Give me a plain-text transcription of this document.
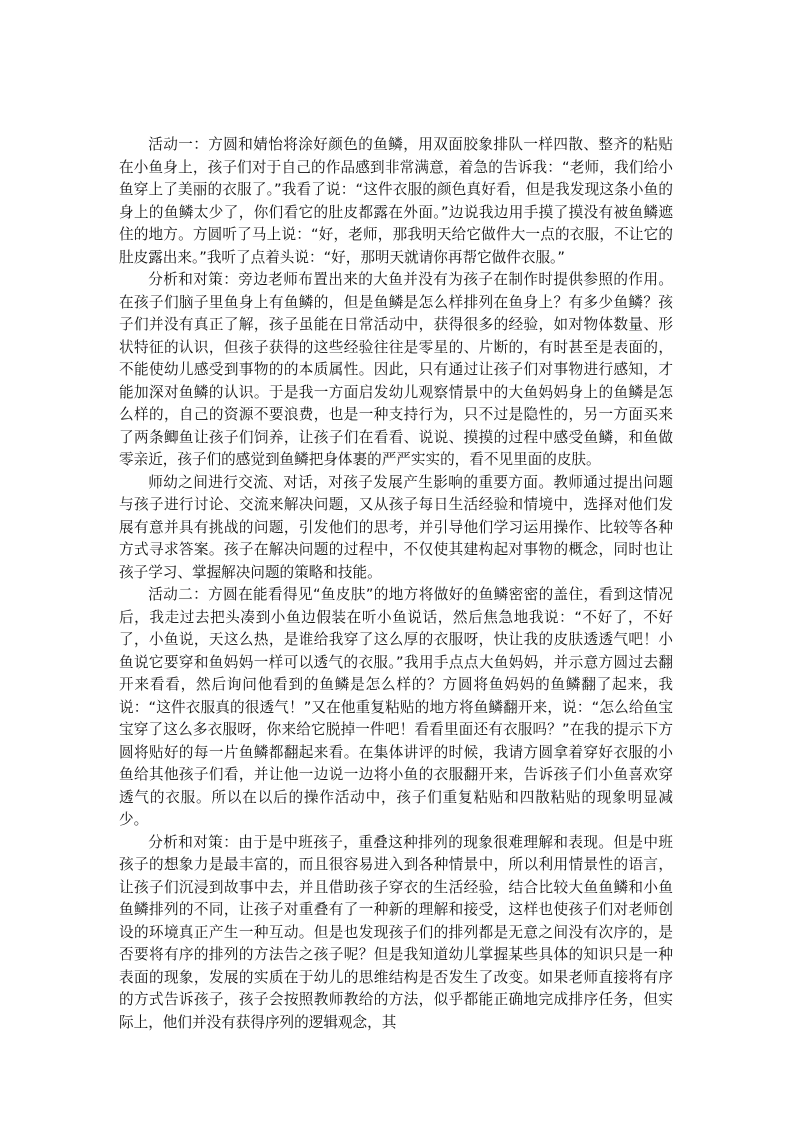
活动一：方圆和婧怡将涂好颜色的鱼鳞，用双面胶象排队一样四散、整齐的粘贴在小鱼身上，孩子们对于自己的作品感到非常满意，着急的告诉我：“老师，我们给小鱼穿上了美丽的衣服了。”我看了说：“这件衣服的颜色真好看，但是我发现这条小鱼的身上的鱼鳞太少了，你们看它的肚皮都露在外面。”边说我边用手摸了摸没有被鱼鳞遮住的地方。方圆听了马上说：“好，老师，那我明天给它做件大一点的衣服，不让它的肚皮露出来。”我听了点着头说：“好，那明天就请你再帮它做件衣服。”

分析和对策：旁边老师布置出来的大鱼并没有为孩子在制作时提供参照的作用。在孩子们脑子里鱼身上有鱼鳞的，但是鱼鳞是怎么样排列在鱼身上？有多少鱼鳞？孩子们并没有真正了解，孩子虽能在日常活动中，获得很多的经验，如对物体数量、形状特征的认识，但孩子获得的这些经验往往是零星的、片断的，有时甚至是表面的，不能使幼儿感受到事物的的本质属性。因此，只有通过让孩子们对事物进行感知，才能加深对鱼鳞的认识。于是我一方面启发幼儿观察情景中的大鱼妈妈身上的鱼鳞是怎么样的，自己的资源不要浪费，也是一种支持行为，只不过是隐性的，另一方面买来了两条鲫鱼让孩子们饲养，让孩子们在看看、说说、摸摸的过程中感受鱼鳞，和鱼做零亲近，孩子们的感觉到鱼鳞把身体裹的严严实实的，看不见里面的皮肤。

师幼之间进行交流、对话，对孩子发展产生影响的重要方面。教师通过提出问题与孩子进行讨论、交流来解决问题，又从孩子每日生活经验和情境中，选择对他们发展有意并具有挑战的问题，引发他们的思考，并引导他们学习运用操作、比较等各种方式寻求答案。孩子在解决问题的过程中，不仅使其建构起对事物的概念，同时也让孩子学习、掌握解决问题的策略和技能。

活动二：方圆在能看得见“鱼皮肤”的地方将做好的鱼鳞密密的盖住，看到这情况后，我走过去把头凑到小鱼边假装在听小鱼说话，然后焦急地我说：“不好了，不好了，小鱼说，天这么热，是谁给我穿了这么厚的衣服呀，快让我的皮肤透透气吧！小鱼说它要穿和鱼妈妈一样可以透气的衣服。”我用手点点大鱼妈妈，并示意方圆过去翻开来看看，然后询问他看到的鱼鳞是怎么样的？方圆将鱼妈妈的鱼鳞翻了起来，我说：“这件衣服真的很透气！”又在他重复粘贴的地方将鱼鳞翻开来，说：“怎么给鱼宝宝穿了这么多衣服呀，你来给它脱掉一件吧！看看里面还有衣服吗？”在我的提示下方圆将贴好的每一片鱼鳞都翻起来看。在集体讲评的时候，我请方圆拿着穿好衣服的小鱼给其他孩子们看，并让他一边说一边将小鱼的衣服翻开来，告诉孩子们小鱼喜欢穿透气的衣服。所以在以后的操作活动中，孩子们重复粘贴和四散粘贴的现象明显减少。

分析和对策：由于是中班孩子，重叠这种排列的现象很难理解和表现。但是中班孩子的想象力是最丰富的，而且很容易进入到各种情景中，所以利用情景性的语言，让孩子们沉浸到故事中去，并且借助孩子穿衣的生活经验，结合比较大鱼鱼鳞和小鱼鱼鳞排列的不同，让孩子对重叠有了一种新的理解和接受，这样也使孩子们对老师创设的环境真正产生一种互动。但是也发现孩子们的排列都是无意之间没有次序的，是否要将有序的排列的方法告之孩子呢？但是我知道幼儿掌握某些具体的知识只是一种表面的现象，发展的实质在于幼儿的思维结构是否发生了改变。如果老师直接将有序的方式告诉孩子，孩子会按照教师教给的方法，似乎都能正确地完成排序任务，但实际上，他们并没有获得序列的逻辑观念，其
